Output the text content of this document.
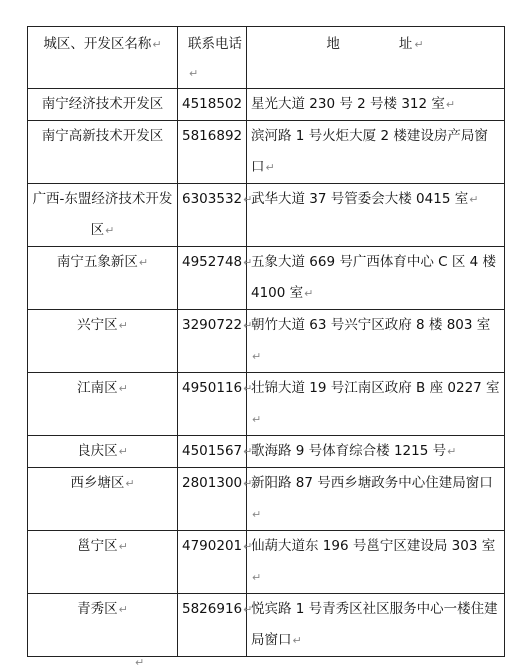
城区、开发区名称↵	联系电话↵	地 址↵
南宁经济技术开发区	4518502	星光大道 230 号 2 号楼 312 室↵
南宁高新技术开发区	5816892	滨河路 1 号火炬大厦 2 楼建设房产局窗口↵
广西-东盟经济技术开发区↵	6303532↵	武华大道 37 号管委会大楼 0415 室↵
南宁五象新区↵	4952748↵	五象大道 669 号广西体育中心 C 区 4 楼 4100 室↵
兴宁区↵	3290722↵	朝竹大道 63 号兴宁区政府 8 楼 803 室↵
江南区↵	4950116↵	壮锦大道 19 号江南区政府 B 座 0227 室↵
良庆区↵	4501567↵	歌海路 9 号体育综合楼 1215 号↵
西乡塘区↵	2801300↵	新阳路 87 号西乡塘政务中心住建局窗口↵
邕宁区↵	4790201↵	仙葫大道东 196 号邕宁区建设局 303 室↵
青秀区↵	5826916↵	悦宾路 1 号青秀区社区服务中心一楼住建局窗口↵
↵
